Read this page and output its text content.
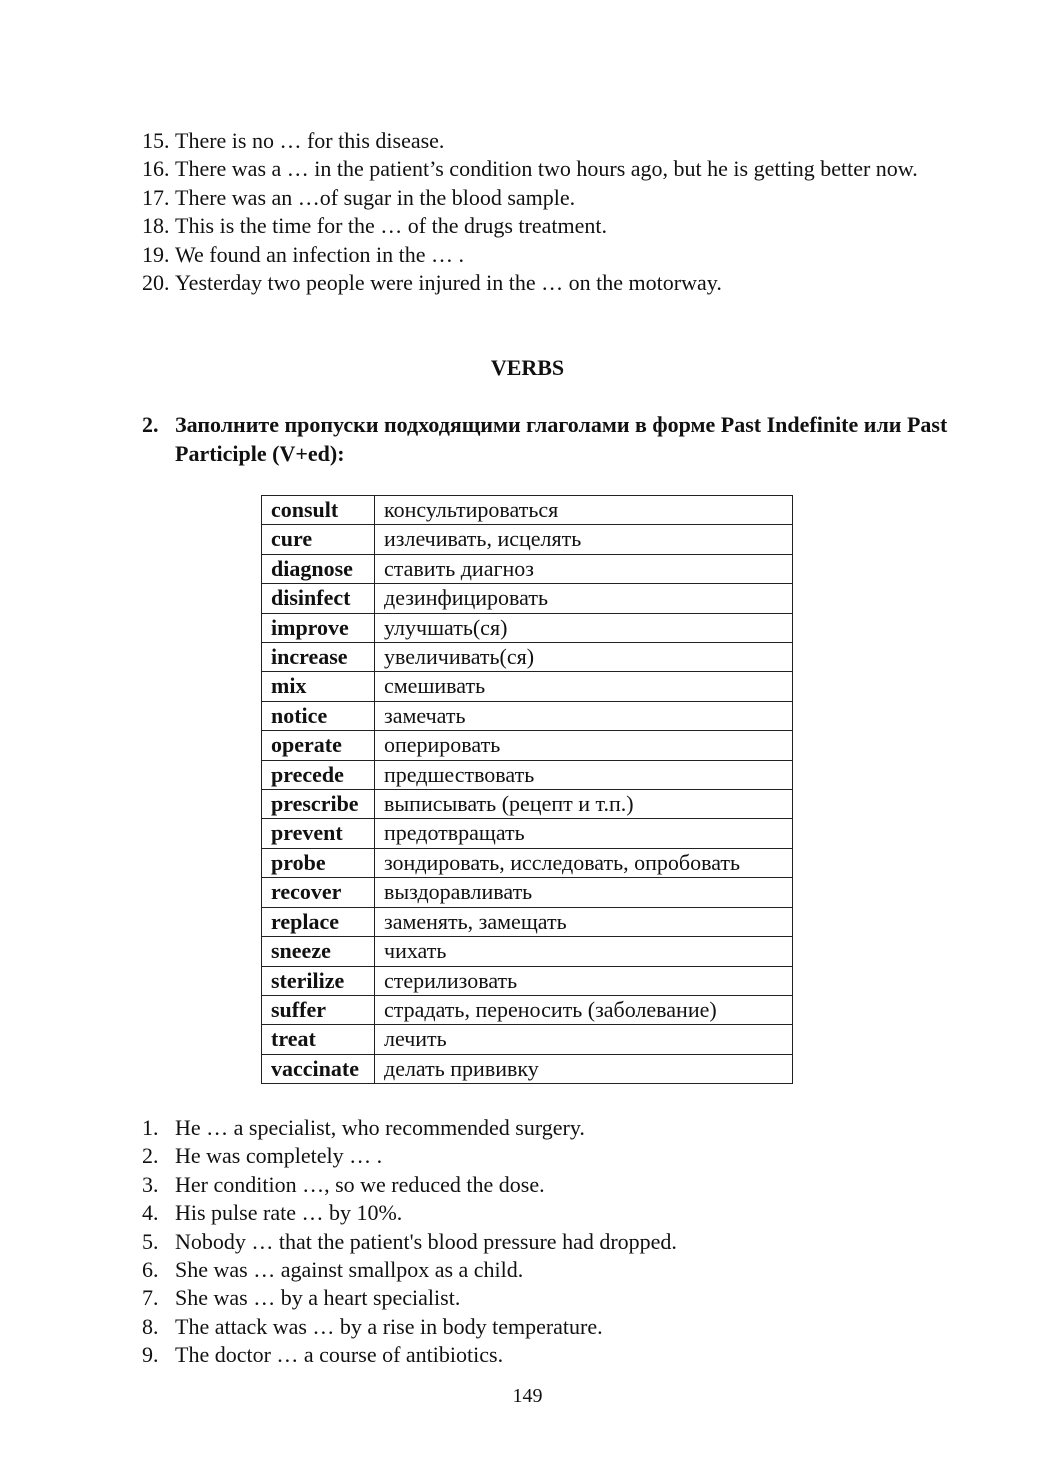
15. There is no … for this disease.
16. There was a … in the patient’s condition two hours ago, but he is getting better now.
17. There was an …of sugar in the blood sample.
18. This is the time for the … of the drugs treatment.
19. We found an infection in the … .
20. Yesterday two people were injured in the … on the motorway.
VERBS
2. Заполните пропуски подходящими глаголами в форме Past Indefinite или Past Participle (V+ed):
consult	консультироваться
cure	излечивать, исцелять
diagnose	ставить диагноз
disinfect	дезинфицировать
improve	улучшать(ся)
increase	увеличивать(ся)
mix	смешивать
notice	замечать
operate	оперировать
precede	предшествовать
prescribe	выписывать (рецепт и т.п.)
prevent	предотвращать
probe	зондировать, исследовать, опробовать
recover	выздоравливать
replace	заменять, замещать
sneeze	чихать
sterilize	стерилизовать
suffer	страдать, переносить (заболевание)
treat	лечить
vaccinate	делать прививку
1. He … a specialist, who recommended surgery.
2. He was completely … .
3. Her condition …, so we reduced the dose.
4. His pulse rate … by 10%.
5. Nobody … that the patient's blood pressure had dropped.
6. She was … against smallpox as a child.
7. She was … by a heart specialist.
8. The attack was … by a rise in body temperature.
9. The doctor … a course of antibiotics.
149
